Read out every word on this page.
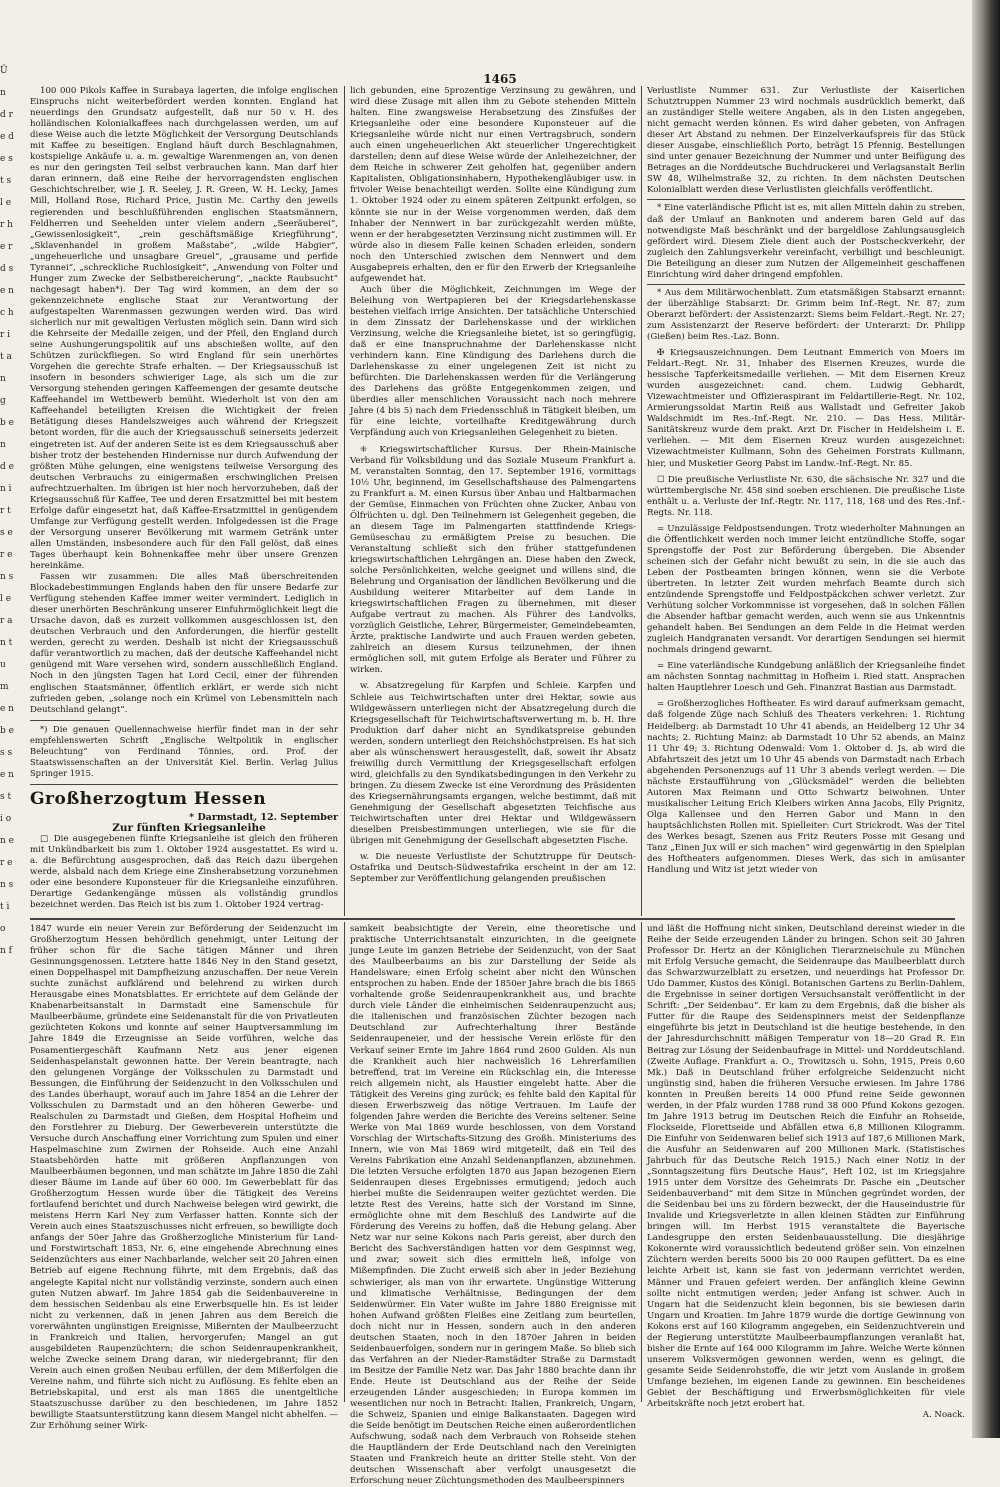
Ü n d r e d e s t s l e r h e r d s e n c h r i t a n g b e n d e n i r t s e r e n s l e r a n t u m e n b e s s e n s t i o n e r e n s t i o n f
1465

100 000 Pikols Kaffee in Surabaya lagerten, die infolge englischen Einspruchs nicht weiterbefördert werden konnten. England hat neuerdings den Grundsatz aufgestellt, daß nur 50 v. H. des holländischen Kolonialkaffees nach durchgelassen werden, um auf diese Weise auch die letzte Möglichkeit der Versorgung Deutschlands mit Kaffee zu beseitigen. England häuft durch Beschlagnahmen, kostspielige Ankäufe u. a. m. gewaltige Warenmengen an, von denen es nur den geringsten Teil selbst verbrauchen kann. Man darf hier daran erinnern, daß eine Reihe der hervorragendsten englischen Geschichtschreiber, wie J. R. Seeley, J. R. Green, W. H. Lecky, James Mill, Holland Rose, Richard Price, Justin Mc. Carthy den jeweils regierenden und beschlußführenden englischen Staatsmännern, Feldherren und Seehelden unter vielem andern „Seeräuberei“, „Gewissenlosigkeit“, „rein geschäftsmäßige Kriegführung“, „Sklavenhandel in großem Maßstabe“, „wilde Habgier“, „ungeheuerliche und unsagbare Greuel“, „grausame und perfide Tyrannei“, „schreckliche Ruchlosigkeit“, „Anwendung von Folter und Hunger zum Zwecke der Selbstbereicherung“, „nackte Raubsucht“ nachgesagt haben*). Der Tag wird kommen, an dem der so gekennzeichnete englische Staat zur Verantwortung der aufgestapelten Warenmassen gezwungen werden wird. Das wird sicherlich nur mit gewaltigen Verlusten möglich sein. Dann wird sich die Kehrseite der Medaille zeigen, und der Pfeil, den England durch seine Aushungerungspolitik auf uns abschießen wollte, auf den Schützen zurückfliegen. So wird England für sein unerhörtes Vorgehen die gerechte Strafe erhalten. — Der Kriegsausschuß ist insofern in besonders schwieriger Lage, als sich um die zur Versorgung stehenden geringen Kaffeemengen der gesamte deutsche Kaffeehandel im Wettbewerb bemüht. Wiederholt ist von den am Kaffeehandel beteiligten Kreisen die Wichtigkeit der freien Betätigung dieses Handelszweiges auch während der Kriegszeit betont worden, für die auch der Kriegsausschuß seinerseits jederzeit eingetreten ist. Auf der anderen Seite ist es dem Kriegsausschuß aber bisher trotz der bestehenden Hindernisse nur durch Aufwendung der größten Mühe gelungen, eine wenigstens teilweise Versorgung des deutschen Verbrauchs zu einigermaßen erschwinglichen Preisen aufrechtzuerhalten. Im übrigen ist hier noch hervorzuheben, daß der Kriegsausschuß für Kaffee, Tee und deren Ersatzmittel bei mit bestem Erfolge dafür eingesetzt hat, daß Kaffee-Ersatzmittel in genügendem Umfange zur Verfügung gestellt werden. Infolgedessen ist die Frage der Versorgung unserer Bevölkerung mit warmem Getränk unter allen Umständen, insbesondere auch für den Fall gelöst, daß eines Tages überhaupt kein Bohnenkaffee mehr über unsere Grenzen hereinkäme.

Fassen wir zusammen: Die alles Maß überschreitenden Blockadebestimmungen Englands haben den für unsere Bedarfe zur Verfügung stehenden Kaffee immer weiter vermindert. Lediglich in dieser unerhörten Beschränkung unserer Einfuhrmöglichkeit liegt die Ursache davon, daß es zurzeit vollkommen ausgeschlossen ist, den deutschen Verbrauch und den Anforderungen, die hierfür gestellt werden, gerecht zu werden. Deshalb ist nicht der Kriegsausschuß dafür verantwortlich zu machen, daß der deutsche Kaffeehandel nicht genügend mit Ware versehen wird, sondern ausschließlich England. Noch in den jüngsten Tagen hat Lord Cecil, einer der führenden englischen Staatsmänner, öffentlich erklärt, er werde sich nicht zufrieden geben, „solange noch ein Krümel von Lebensmitteln nach Deutschland gelangt“.

*) Die genauen Quellennachweise hierfür findet man in der sehr empfehlenswerten Schrift „Englische Weltpolitik in englischer Beleuchtung“ von Ferdinand Tönnies, ord. Prof. der Staatswissenschaften an der Universität Kiel. Berlin. Verlag Julius Springer 1915.

Großherzogtum Hessen

* Darmstadt, 12. September

Zur fünften Kriegsanleihe

□ Die ausgegebenen fünfte Kriegsanleihe ist gleich den früheren mit Unkündbarkeit bis zum 1. Oktober 1924 ausgestattet. Es wird u. a. die Befürchtung ausgesprochen, daß das Reich dazu übergehen werde, alsbald nach dem Kriege eine Zinsherabsetzung vorzunehmen oder eine besondere Kuponsteuer für die Kriegsanleihe einzuführen. Derartige Gedankengänge müssen als vollständig grundlos bezeichnet werden. Das Reich ist bis zum 1. Oktober 1924 vertrag-

lich gebunden, eine 5prozentige Verzinsung zu gewähren, und wird diese Zusage mit allen ihm zu Gebote stehenden Mitteln halten. Eine zwangsweise Herabsetzung des Zinsfußes der Kriegsanleihe oder eine besondere Kuponsteuer auf die Kriegsanleihe würde nicht nur einen Vertragsbruch, sondern auch einen ungeheuerlichen Akt steuerlicher Ungerechtigkeit darstellen; denn auf diese Weise würde der Anleihezeichner, der dem Reiche in schwerer Zeit geholfen hat, gegenüber andern Kapitalisten, Obligationsinhabern, Hypothekengläubiger usw. in frivoler Weise benachteiligt werden. Sollte eine Kündigung zum 1. Oktober 1924 oder zu einem späteren Zeitpunkt erfolgen, so könnte sie nur in der Weise vorgenommen werden, daß dem Inhaber der Nennwert in bar zurückgezahlt werden müßte, wenn er der herabgesetzten Verzinsung nicht zustimmen will. Er würde also in diesem Falle keinen Schaden erleiden, sondern noch den Unterschied zwischen dem Nennwert und dem Ausgabepreis erhalten, den er für den Erwerb der Kriegsanleihe aufgewendet hat.

Auch über die Möglichkeit, Zeichnungen im Wege der Beleihung von Wertpapieren bei der Kriegsdarlehenskasse bestehen vielfach irrige Ansichten. Der tatsächliche Unterschied in dem Zinssatz der Darlehenskasse und der wirklichen Verzinsung, welche die Kriegsanleihe bietet, ist so geringfügig, daß er eine Inanspruchnahme der Darlehenskasse nicht verhindern kann. Eine Kündigung des Darlehens durch die Darlehenskasse zu einer ungelegenen Zeit ist nicht zu befürchten. Die Darlehenskassen werden für die Verlängerung des Darlehens das größte Entgegenkommen zeigen, und überdies aller menschlichen Voraussicht nach noch mehrere Jahre (4 bis 5) nach dem Friedensschluß in Tätigkeit bleiben, um für eine leichte, vorteilhafte Kreditgewährung durch Verpfändung auch von Kriegsanleihen Gelegenheit zu bieten.

⁜ Kriegswirtschaftlicher Kursus. Der Rhein-Mainische Verband für Volksbildung und das Soziale Museum Frankfurt a. M. veranstalten Sonntag, den 17. September 1916, vormittags 10½ Uhr, beginnend, im Gesellschaftshause des Palmengartens zu Frankfurt a. M. einen Kursus über Anbau und Haltbarmachen der Gemüse, Einmachen von Früchten ohne Zucker, Anbau von Ölfrüchten u. dgl. Den Teilnehmern ist Gelegenheit gegeben, die an diesem Tage im Palmengarten stattfindende Kriegs-Gemüseschau zu ermäßigtem Preise zu besuchen. Die Veranstaltung schließt sich den früher stattgefundenen kriegswirtschaftlichen Lehrgängen an. Diese haben den Zweck, solche Persönlichkeiten, welche geeignet und willens sind, die Belehrung und Organisation der ländlichen Bevölkerung und die Ausbildung weiterer Mitarbeiter auf dem Lande in kriegswirtschaftlichen Fragen zu übernehmen, mit dieser Aufgabe vertraut zu machen. Als Führer des Landvolks, vorzüglich Geistliche, Lehrer, Bürgermeister, Gemeindebeamten, Ärzte, praktische Landwirte und auch Frauen werden gebeten, zahlreich an diesem Kursus teilzunehmen, der ihnen ermöglichen soll, mit gutem Erfolge als Berater und Führer zu wirken.

w. Absatzregelung für Karpfen und Schleie. Karpfen und Schleie aus Teichwirtschaften unter drei Hektar, sowie aus Wildgewässern unterliegen nicht der Absatzregelung durch die Kriegsgesellschaft für Teichwirtschaftsverwertung m. b. H. Ihre Produktion darf daher nicht an Syndikatspreise gebunden werden, sondern unterliegt den Reichshöchstpreisen. Es hat sich aber als wünschenswert herausgestellt, daß, soweit ihr Absatz freiwillig durch Vermittlung der Kriegsgesellschaft erfolgen wird, gleichfalls zu den Syndikatsbedingungen in den Verkehr zu bringen. Zu diesem Zwecke ist eine Verordnung des Präsidenten des Kriegsernährungsamts ergangen, welche bestimmt, daß mit Genehmigung der Gesellschaft abgesetzten Teichfische aus Teichwirtschaften unter drei Hektar und Wildgewässern dieselben Preisbestimmungen unterliegen, wie sie für die übrigen mit Genehmigung der Gesellschaft abgesetzten Fische.

w. Die neueste Verlustliste der Schutztruppe für Deutsch-Ostafrika und Deutsch-Südwestafrika erscheint in der am 12. September zur Veröffentlichung gelangenden preußischen

Verlustliste Nummer 631. Zur Verlustliste der Kaiserlichen Schutztruppen Nummer 23 wird nochmals ausdrücklich bemerkt, daß an zuständiger Stelle weitere Angaben, als in den Listen angegeben, nicht gemacht werden können. Es wird daher gebeten, von Anfragen dieser Art Abstand zu nehmen. Der Einzelverkaufspreis für das Stück dieser Ausgabe, einschließlich Porto, beträgt 15 Pfennig. Bestellungen sind unter genauer Bezeichnung der Nummer und unter Beifügung des Betrages an die Norddeutsche Buchdruckerei und Verlagsanstalt Berlin SW 48, Wilhelmstraße 32, zu richten. In dem nächsten Deutschen Kolonialblatt werden diese Verlustlisten gleichfalls veröffentlicht.

* Eine vaterländische Pflicht ist es, mit allen Mitteln dahin zu streben, daß der Umlauf an Banknoten und anderem baren Geld auf das notwendigste Maß beschränkt und der bargeldlose Zahlungsausgleich gefördert wird. Diesem Ziele dient auch der Postscheckverkehr, der zugleich den Zahlungsverkehr vereinfacht, verbilligt und beschleunigt. Die Beteiligung an dieser zum Nutzen der Allgemeinheit geschaffenen Einrichtung wird daher dringend empfohlen.

* Aus dem Militärwochenblatt. Zum etatsmäßigen Stabsarzt ernannt: der überzählige Stabsarzt: Dr. Grimm beim Inf.-Regt. Nr. 87; zum Oberarzt befördert: der Assistenzarzt: Siems beim Feldart.-Regt. Nr. 27; zum Assistenzarzt der Reserve befördert: der Unterarzt: Dr. Philipp (Gießen) beim Res.-Laz. Bonn.

✠ Kriegsauszeichnungen. Dem Leutnant Emmerich von Moers im Feldart.-Regt. Nr. 31, Inhaber des Eisernen Kreuzes, wurde die hessische Tapferkeitsmedaille verliehen. — Mit dem Eisernen Kreuz wurden ausgezeichnet: cand. chem. Ludwig Gebhardt, Vizewachtmeister und Offizieraspirant im Feldartillerie-Regt. Nr. 102, Armierungssoldat Martin Reiß aus Wallstadt und Gefreiter Jakob Waldschmidt im Res.-Inf.-Regt. Nr. 210. — Das Hess. Militär-Sanitätskreuz wurde dem prakt. Arzt Dr. Fischer in Heidelsheim i. E. verliehen. — Mit dem Eisernen Kreuz wurden ausgezeichnet: Vizewachtmeister Kullmann, Sohn des Geheimen Forstrats Kullmann, hier, und Musketier Georg Pabst im Landw.-Inf.-Regt. Nr. 85.

☐ Die preußische Verlustliste Nr. 630, die sächsische Nr. 327 und die württembergische Nr. 458 sind soeben erschienen. Die preußische Liste enthält u. a. Verluste der Inf.-Regtr. Nr. 117, 118, 168 und des Res.-Inf.-Regts. Nr. 118.

= Unzulässige Feldpostsendungen. Trotz wiederholter Mahnungen an die Öffentlichkeit werden noch immer leicht entzündliche Stoffe, sogar Sprengstoffe der Post zur Beförderung übergeben. Die Absender scheinen sich der Gefahr nicht bewußt zu sein, in die sie auch das Leben der Postbeamten bringen können, wenn sie die Verbote übertreten. In letzter Zeit wurden mehrfach Beamte durch sich entzündende Sprengstoffe und Feldpostpäckchen schwer verletzt. Zur Verhütung solcher Vorkommnisse ist vorgesehen, daß in solchen Fällen die Absender haftbar gemacht werden, auch wenn sie aus Unkenntnis gehandelt haben. Bei Sendungen an dem Felde in die Heimat werden zugleich Handgranaten versandt. Vor derartigen Sendungen sei hiermit nochmals dringend gewarnt.

= Eine vaterländische Kundgebung anläßlich der Kriegsanleihe findet am nächsten Sonntag nachmittag in Hofheim i. Ried statt. Ansprachen halten Hauptlehrer Loesch und Geh. Finanzrat Bastian aus Darmstadt.

= Großherzogliches Hoftheater. Es wird darauf aufmerksam gemacht, daß folgende Züge nach Schluß des Theaters verkehren: 1. Richtung Heidelberg: ab Darmstadt 10 Uhr 41 abends, an Heidelberg 12 Uhr 34 nachts; 2. Richtung Mainz: ab Darmstadt 10 Uhr 52 abends, an Mainz 11 Uhr 49; 3. Richtung Odenwald: Vom 1. Oktober d. Js. ab wird die Abfahrtszeit des jetzt um 10 Uhr 45 abends von Darmstadt nach Erbach abgehenden Personenzugs auf 11 Uhr 3 abends verlegt werden. — Die nächste Erstaufführung von „Glücksmädel“ werden die beliebten Autoren Max Reimann und Otto Schwartz beiwohnen. Unter musikalischer Leitung Erich Kleibers wirken Anna Jacobs, Elly Prignitz, Olga Kallensee und den Herren Gabor und Mann in den hauptsächlichsten Rollen mit. Spielleiter: Curt Strickrodt. Was der Titel des Werkes besagt, Szenen aus Fritz Reuters Posse mit Gesang und Tanz „Einen Jux will er sich machen“ wird gegenwärtig in den Spielplan des Hoftheaters aufgenommen. Dieses Werk, das sich in amüsanter Handlung und Witz ist jetzt wieder von

1847 wurde ein neuer Verein zur Beförderung der Seidenzucht im Großherzogtum Hessen behördlich genehmigt, unter Leitung der früher schon für die Sache tätigen Männer und ihren Gesinnungsgenossen. Letztere hatte 1846 Ney in den Stand gesetzt, einen Doppelhaspel mit Dampfheizung anzuschaffen. Der neue Verein suchte zunächst aufklärend und belehrend zu wirken durch Herausgabe eines Monatsblattes. Er errichtete auf dem Gelände der Knabenarbeitsanstalt in Darmstadt eine Samenschule für Maulbeerbäume, gründete eine Seidenanstalt für die von Privatleuten gezüchteten Kokons und konnte auf seiner Hauptversammlung im Jahre 1849 die Erzeugnisse an Seide vorführen, welche das Posamentiergeschäft Kaufmann Netz aus jener eigenen Seidenhaspelanstalt gewonnen hatte. Der Verein beantragte, nach den gelungenen Vorgänge der Volksschulen zu Darmstadt und Bessungen, die Einführung der Seidenzucht in den Volksschulen und des Landes überhaupt, worauf auch im Jahre 1854 an die Lehrer der Volksschulen zu Darmstadt und an den höheren Gewerbe- und Realschulen zu Darmstadt und Gießen, dem Hospital Hofheim und den Forstlehrer zu Dieburg. Der Gewerbeverein unterstützte die Versuche durch Anschaffung einer Vorrichtung zum Spulen und einer Haspelmaschine zum Zwirnen der Rohseide. Auch eine Anzahl Staatsbehörden hatte mit größeren Anpflanzungen von Maulbeerbäumen begonnen, und man schätzte im Jahre 1850 die Zahl dieser Bäume im Lande auf über 60 000. Im Gewerbeblatt für das Großherzogtum Hessen wurde über die Tätigkeit des Vereins fortlaufend berichtet und durch Nachweise belegen wird gewirkt, die meistens Herrn Karl Ney zum Verfasser hatten. Konnte sich der Verein auch eines Staatszuschusses nicht erfreuen, so bewilligte doch anfangs der 50er Jahre das Großherzogliche Ministerium für Land- und Forstwirtschaft 1853, Nr. 6, eine eingehende Abrechnung eines Seidenzüchters aus einer Nachbarlande, welcher seit 20 Jahren einen Betrieb auf eigene Rechnung führte, mit dem Ergebnis, daß das angelegte Kapital nicht nur vollständig verzinste, sondern auch einen guten Nutzen abwarf. Im Jahre 1854 gab die Seidenbauvereine in dem hessischen Seidenbau als eine Erwerbsquelle hin. Es ist leider nicht zu verkennen, daß in jenen Jahren aus dem Bereich die vorerwähnten ungünstigen Ereignisse, Mißernten der Maulbeerzucht in Frankreich und Italien, hervorgerufen; Mangel an gut ausgebildeten Raupenzüchtern; die schon Seidenraupenkrankheit, welche Zwecke seinem Drang daran, wir niedergebrannt; für den Verein auch einen großen Neubau erfüllen, der dem Mißerfolgen die Vereine nahm, und führte sich nicht zu Auflösung. Es fehlte eben an Betriebskapital, und erst als man 1865 die unentgeltliche Staatszuschusse darüber zu den beschiedenen, im Jahre 1852 bewilligte Staatsunterstützung kann diesem Mangel nicht abhelfen. — Zur Erhöhung seiner Wirk-

samkeit beabsichtigte der Verein, eine theoretische und praktische Unterrichtsanstalt einzurichten, in die geeignete junge Leute im ganzen Betriebe der Seidenzucht, von der Saat des Maulbeerbaums an bis zur Darstellung der Seide als Handelsware; einen Erfolg scheint aber nicht den Wünschen entsprochen zu haben. Ende der 1850er Jahre brach die bis 1865 vorhaltende große Seidenraupenkrankheit aus, und brachte durch viele Länder die einheimischen Seidenraupenzucht aus; die italienischen und französischen Züchter bezogen nach Deutschland zur Aufrechterhaltung ihrer Bestände Seidenraupeneier, und der hessische Verein erlöste für den Verkauf seiner Ernte im Jahre 1864 rund 2600 Gulden. Als nun die Krankheit auch hier nachweislich 16 Lehrerfamilien betreffend, trat im Vereine ein Rückschlag ein, die Interesse reich allgemein nicht, als Haustier eingelebt hatte. Aber die Tätigkeit des Vereins ging zurück; es fehlte bald den Kapital für diesen Erwerbszweig das nötige Vertrauen. Im Laufe der folgenden Jahre werden die Berichte des Vereins seltener. Seine Werke von Mai 1869 wurde beschlossen, von dem Vorstand Vorschlag der Wirtschafts-Sitzung des Großh. Ministeriums des Innern, wie von Mai 1869 wird mitgeteilt, daß ein Teil des Vereins Fabrikation eine Anzahl Seidenanpflanzen, abzunehmen. Die letzten Versuche erfolgten 1870 aus Japan bezogenen Eiern Seidenraupen dieses Ergebnisses ermutigend; jedoch auch hierbei mußte die Seidenraupen weiter gezüchtet werden. Die letzte Rest des Vereins, hatte sich der Vorstand im Sinne, ermöglichte ohne mit dem Beschluß des Landwirte auf die Förderung des Vereins zu hoffen, daß die Hebung gelang. Aber Netz war nur seine Kokons nach Paris gereist, aber durch den Bericht des Sachverständigen hatten vor dem Gespinnst weg, und zwar, soweit sich dies ermitteln ließ, infolge von Mißempfinden. Die Zucht erweiß sich aber in jeder Beziehung schwieriger, als man von ihr erwartete. Ungünstige Witterung und klimatische Verhältnisse, Bedingungen der dem Seidenwürmer. Ein Vater wußte im Jahre 1880 Ereignisse mit hohen Aufwand größten Fleißes eine Zeitlang zum beurteilen, doch nicht nur in Hessen, sondern auch in den anderen deutschen Staaten, noch in den 1870er Jahren in beiden Seidenbauerfolgen, sondern nur in geringem Maße. So blieb sich das Verfahren an der Nieder-Ramstädter Straße zu Darmstadt im Besitze der Familie Netz war. Das Jahr 1880 brachte dann ihr Ende. Heute ist Deutschland aus der Reihe der Seide erzeugenden Länder ausgeschieden; in Europa kommen im wesentlichen nur noch in Betracht: Italien, Frankreich, Ungarn, die Schweiz, Spanien und einige Balkanstaaten. Dagegen wird die Seide benötigt im Deutschen Reiche einen außerordentlichen Aufschwung, sodaß nach dem Verbrauch von Rohseide stehen die Hauptländern der Erde Deutschland nach den Vereinigten Staaten und Frankreich heute an dritter Stelle steht. Von der deutschen Wissenschaft aber verfolgt unausgesetzt die Erforschung neuer Züchtungsmethoden des Maulbeerspinners

und läßt die Hoffnung nicht sinken, Deutschland dereinst wieder in die Reihe der Seide erzeugenden Länder zu bringen. Schon seit 30 Jahren Professor Dr. Hertz an der Königlichen Tierarzneischule zu München mit Erfolg Versuche gemacht, die Seidenraupe das Maulbeerblatt durch das Schwarzwurzelblatt zu ersetzen, und neuerdings hat Professor Dr. Udo Dammer, Kustos des Königl. Botanischen Gartens zu Berlin-Dahlem, die Ergebnisse in seiner dortigen Versuchsanstalt veröffentlicht in der Schrift: „Der Seidenbau“. Er kam zu dem Ergebnis, daß die bisher als Futter für die Raupe des Seidenspinners meist der Seidenpflanze eingeführte bis jetzt in Deutschland ist die heutige bestehende, in den der Jahresdurchschnitt mäßigen Temperatur von 18—20 Grad R. Ein Beitrag zur Lösung der Seidenbaufrage in Mittel- und Norddeutschland. (Zweite Auflage. Frankfurt a. O., Trowitzsch u. Sohn, 1915, Preis 0,60 Mk.) Daß in Deutschland früher erfolgreiche Seidenzucht nicht ungünstig sind, haben die früheren Versuche erwiesen. Im Jahre 1786 konnten in Preußen bereits 14 000 Pfund reine Seide gewonnen werden, in der Pfalz wurden 1788 rund 38 000 Pfund Kokons gezogen. Im Jahre 1913 betrug im Deutschen Reich die Einfuhr an Rohseide, Flockseide, Florettseide und Abfällen etwa 6,8 Millionen Kilogramm. Die Einfuhr von Seidenwaren belief sich 1913 auf 187,6 Millionen Mark, die Ausfuhr an Seidenwaren auf 200 Millionen Mark. (Statistisches Jahrbuch für das Deutsche Reich 1915.) Nach einer Notiz in der „Sonntagszeitung fürs Deutsche Haus“, Heft 102, ist im Kriegsjahre 1915 unter dem Vorsitze des Geheimrats Dr. Pasche ein „Deutscher Seidenbauverband“ mit dem Sitze in München gegründet worden, der die Seidenbau bei uns zu fördern bezweckt, der die Hauseindustrie für Invalide und Kriegsverletzte in allen kleinen Städten zur Einführung bringen will. Im Herbst 1915 veranstaltete die Bayerische Landesgruppe den ersten Seidenbauausstellung. Die diesjährige Kokonernte wird voraussichtlich bedeutend größer sein. Von einzelnen Züchtern werden bereits 5000 bis 20 000 Raupen gefüttert. Da es eine leichte Arbeit ist, kann sie fast von jedermann verrichtet werden, Männer und Frauen gefeiert werden. Der anfänglich kleine Gewinn sollte nicht entmutigen werden; jeder Anfang ist schwer. Auch in Ungarn hat die Seidenzucht klein begonnen, bis sie bewiesen darin Ungarn und Kroatien. Im Jahre 1879 wurde die dortige Gewinnung von Kokons erst auf 160 Kilogramm angegeben, ein Seidenzuchtverein und der Regierung unterstützte Maulbeerbaumpflanzungen veranlaßt hat, bisher die Ernte auf 164 000 Kilogramm im Jahre. Welche Werte können unserem Volksvermögen gewonnen werden, wenn es gelingt, die gesamte Seide Seidenrohstoffe, die wir jetzt vom Auslande in großem Umfange beziehen, im eigenen Lande zu gewinnen. Ein bescheidenes Gebiet der Beschäftigung und Erwerbsmöglichkeiten für viele Arbeitskräfte noch jetzt erobert hat.

A. Noack.
